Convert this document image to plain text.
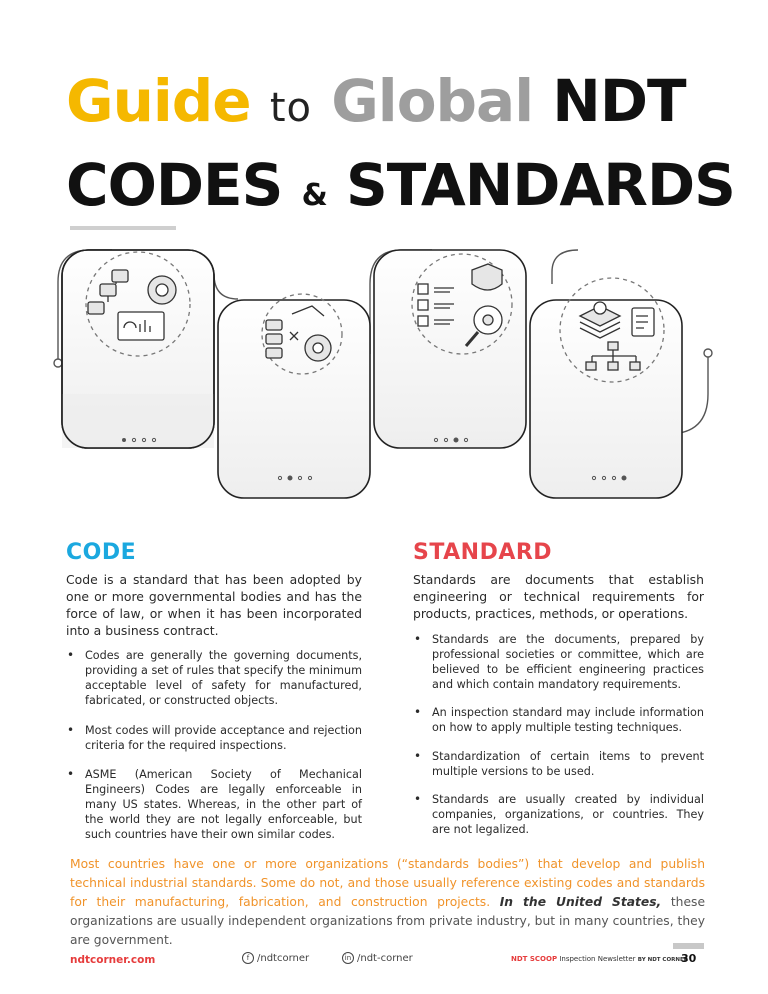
Guide to Global NDT
CODES & STANDARDS
CODE
Code is a standard that has been adopted by one or more governmental bodies and has the force of law, or when it has been incorporated into a business contract.
• Codes are generally the governing documents, providing a set of rules that specify the minimum acceptable level of safety for manufactured, fabricated, or constructed objects.
• Most codes will provide acceptance and rejection criteria for the required inspections.
• ASME (American Society of Mechanical Engineers) Codes are legally enforceable in many US states. Whereas, in the other part of the world they are not legally enforceable, but such countries have their own similar codes.
STANDARD
Standards are documents that establish engineering or technical requirements for products, practices, methods, or operations.
• Standards are the documents, prepared by professional societies or committee, which are believed to be efficient engineering practices and which contain mandatory requirements.
• An inspection standard may include information on how to apply multiple testing techniques.
• Standardization of certain items to prevent multiple versions to be used.
• Standards are usually created by individual companies, organizations, or countries. They are not legalized.
Most countries have one or more organizations (“standards bodies”) that develop and publish technical industrial standards. Some do not, and those usually reference existing codes and standards for their manufacturing, fabrication, and construction projects. In the United States, these organizations are usually independent organizations from private industry, but in many countries, they are government.
ndtcorner.com	f /ndtcorner	in /ndt-corner	NDT SCOOP Inspection Newsletter BY NDT CORNER
30
